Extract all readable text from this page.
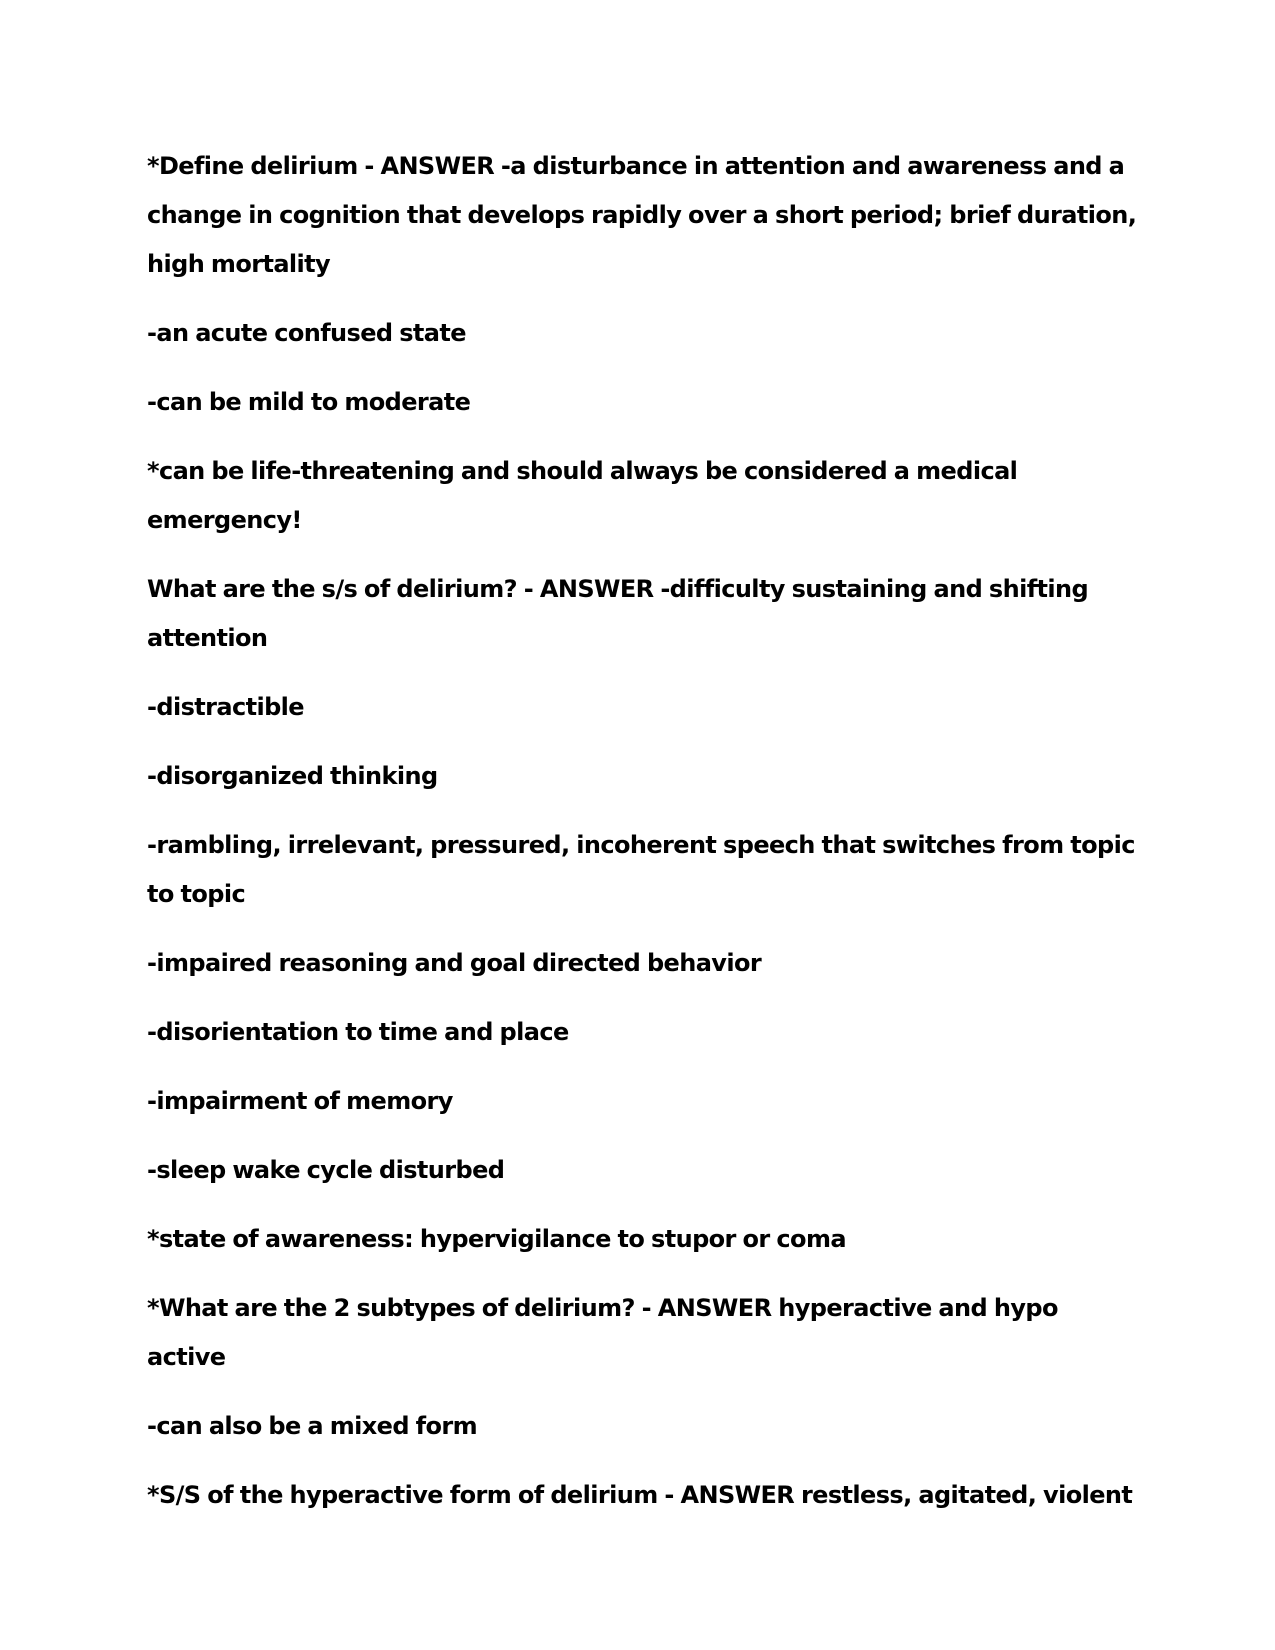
*Define delirium - ANSWER -a disturbance in attention and awareness and a change in cognition that develops rapidly over a short period; brief duration, high mortality

-an acute confused state

-can be mild to moderate

*can be life-threatening and should always be considered a medical emergency!

What are the s/s of delirium? - ANSWER -difficulty sustaining and shifting attention

-distractible

-disorganized thinking

-rambling, irrelevant, pressured, incoherent speech that switches from topic to topic

-impaired reasoning and goal directed behavior

-disorientation to time and place

-impairment of memory

-sleep wake cycle disturbed

*state of awareness: hypervigilance to stupor or coma

*What are the 2 subtypes of delirium? - ANSWER hyperactive and hypo active

-can also be a mixed form

*S/S of the hyperactive form of delirium - ANSWER restless, agitated, violent
